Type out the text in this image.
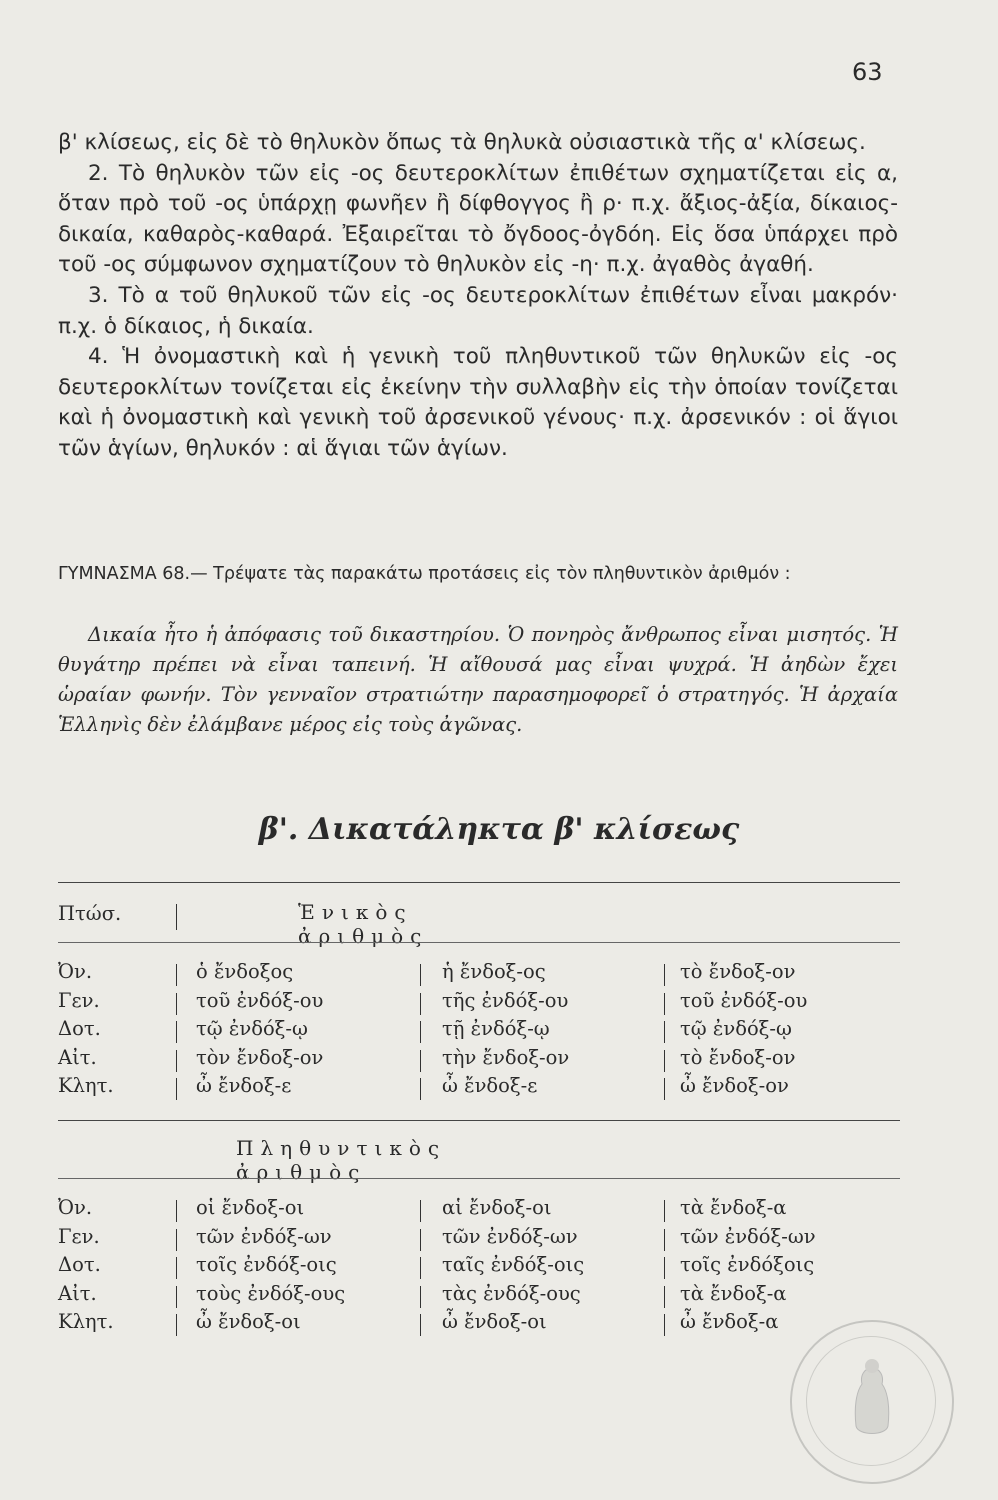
63

β' κλίσεως, εἰς δὲ τὸ θηλυκὸν ὅπως τὰ θηλυκὰ οὐσιαστικὰ τῆς α' κλίσεως.

2. Τὸ θηλυκὸν τῶν εἰς -ος δευτεροκλίτων ἐπιθέτων σχηματίζεται εἰς α, ὅταν πρὸ τοῦ -ος ὑπάρχῃ φωνῆεν ἢ δίφθογγος ἢ ρ· π.χ. ἄξιος-ἀξία, δίκαιος-δικαία, καθαρὸς-καθαρά. Ἐξαιρεῖται τὸ ὄγδοος-ὀγδόη. Εἰς ὅσα ὑπάρχει πρὸ τοῦ -ος σύμφωνον σχηματίζουν τὸ θηλυκὸν εἰς -η· π.χ. ἀγαθὸς ἀγαθή.

3. Τὸ α τοῦ θηλυκοῦ τῶν εἰς -ος δευτεροκλίτων ἐπιθέτων εἶναι μακρόν· π.χ. ὁ δίκαιος, ἡ δικαία.

4. Ἡ ὀνομαστικὴ καὶ ἡ γενικὴ τοῦ πληθυντικοῦ τῶν θηλυκῶν εἰς -ος δευτεροκλίτων τονίζεται εἰς ἐκείνην τὴν συλλαβὴν εἰς τὴν ὁποίαν τονίζεται καὶ ἡ ὀνομαστικὴ καὶ γενικὴ τοῦ ἀρσενικοῦ γένους· π.χ. ἀρσενικόν : οἱ ἅγιοι τῶν ἁγίων, θηλυκόν : αἱ ἅγιαι τῶν ἁγίων.

ΓΥΜΝΑΣΜΑ 68.— Τρέψατε τὰς παρακάτω προτάσεις εἰς τὸν πληθυντικὸν ἀριθμόν :
Δικαία ἦτο ἡ ἀπόφασις τοῦ δικαστηρίου. Ὁ πονηρὸς ἄνθρωπος εἶναι μισητός. Ἡ θυγάτηρ πρέπει νὰ εἶναι ταπεινή. Ἡ αἴθουσά μας εἶναι ψυχρά. Ἡ ἀηδὼν ἔχει ὡραίαν φωνήν. Τὸν γενναῖον στρατιώτην παρασημοφορεῖ ὁ στρατηγός. Ἡ ἀρχαία Ἑλληνὶς δὲν ἐλάμβανε μέρος εἰς τοὺς ἀγῶνας.
β'. Δικατάληκτα β' κλίσεως
Πτώσ.	Ἑνικὸς ἀριθμὸς
Ὀν.	ὁ ἔνδοξος	ἡ ἔνδοξ-ος	τὸ ἔνδοξ-ον
Γεν.	τοῦ ἐνδόξ-ου	τῆς ἐνδόξ-ου	τοῦ ἐνδόξ-ου
Δοτ.	τῷ ἐνδόξ-ῳ	τῇ ἐνδόξ-ῳ	τῷ ἐνδόξ-ῳ
Αἰτ.	τὸν ἔνδοξ-ον	τὴν ἔνδοξ-ον	τὸ ἔνδοξ-ον
Κλητ.	ὦ ἔνδοξ-ε	ὦ ἔνδοξ-ε	ὦ ἔνδοξ-ον
Πληθυντικὸς ἀριθμὸς
Ὀν.	οἱ ἔνδοξ-οι	αἱ ἔνδοξ-οι	τὰ ἔνδοξ-α
Γεν.	τῶν ἐνδόξ-ων	τῶν ἐνδόξ-ων	τῶν ἐνδόξ-ων
Δοτ.	τοῖς ἐνδόξ-οις	ταῖς ἐνδόξ-οις	τοῖς ἐνδόξοις
Αἰτ.	τοὺς ἐνδόξ-ους	τὰς ἐνδόξ-ους	τὰ ἔνδοξ-α
Κλητ.	ὦ ἔνδοξ-οι	ὦ ἔνδοξ-οι	ὦ ἔνδοξ-α
